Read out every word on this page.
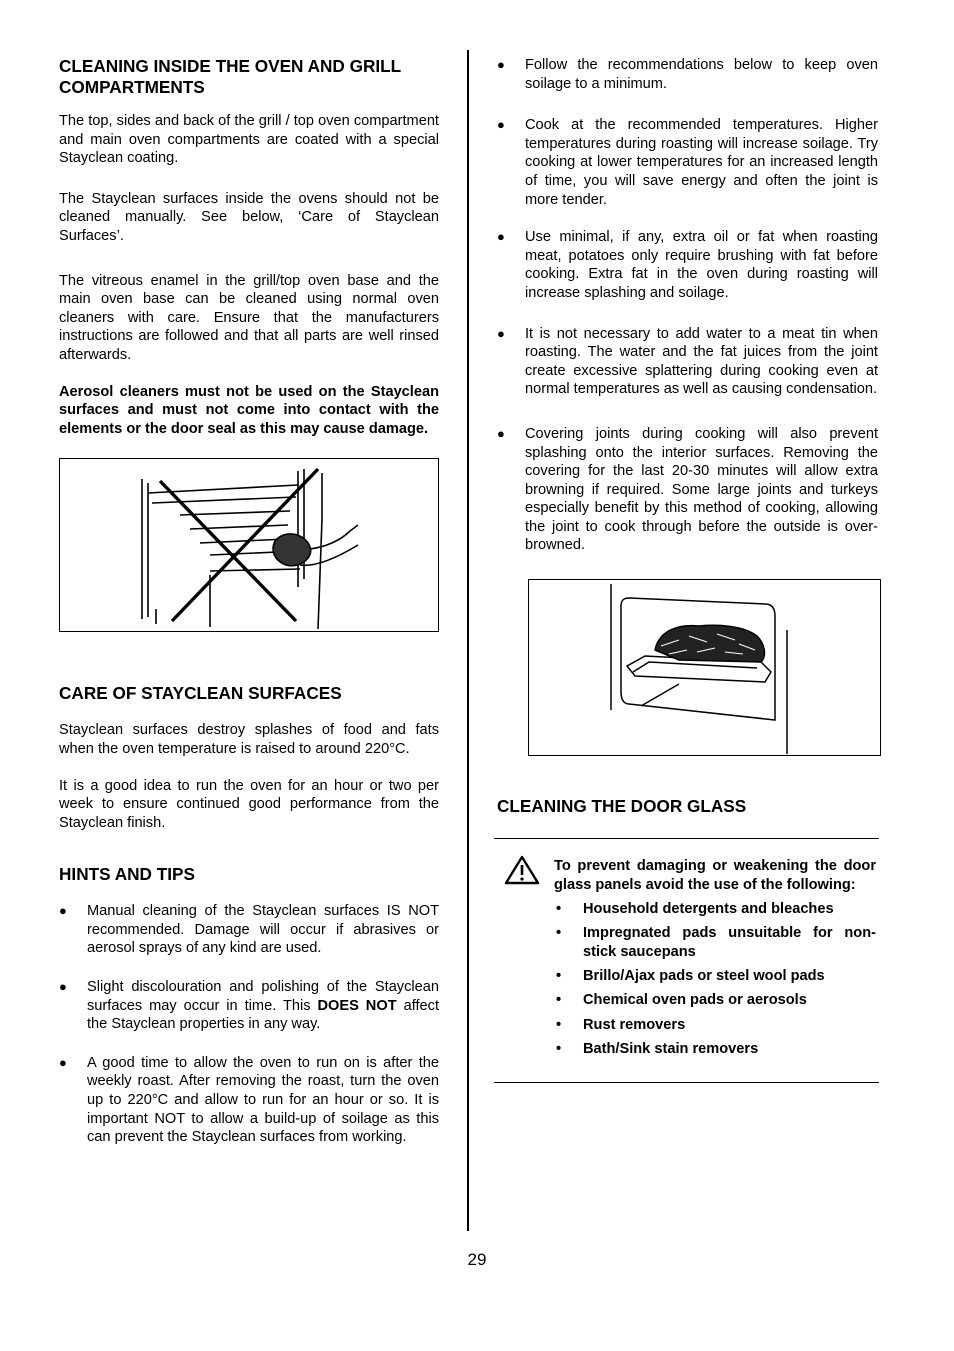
CLEANING INSIDE THE OVEN AND GRILL COMPARTMENTS

The top, sides and back of the grill / top oven compartment and main oven compartments are coated with a special Stayclean coating.

The Stayclean surfaces inside the ovens should not be cleaned manually. See below, ‘Care of Stayclean Surfaces’.

The vitreous enamel in the grill/top oven base and the main oven base can be cleaned using normal oven cleaners with care. Ensure that the manufacturers instructions are followed and that all parts are well rinsed afterwards.

Aerosol cleaners must not be used on the Stayclean surfaces and must not come into contact with the elements or the door seal as this may cause damage.

CARE OF STAYCLEAN SURFACES

Stayclean surfaces destroy splashes of food and fats when the oven temperature is raised to around 220°C.

It is a good idea to run the oven for an hour or two per week to ensure continued good performance from the Stayclean finish.

HINTS AND TIPS
● Manual cleaning of the Stayclean surfaces IS NOT recommended. Damage will occur if abrasives or aerosol sprays of any kind are used.
● Slight discolouration and polishing of the Stayclean surfaces may occur in time. This DOES NOT affect the Stayclean properties in any way.
● A good time to allow the oven to run on is after the weekly roast. After removing the roast, turn the oven up to 220°C and allow to run for an hour or so. It is important NOT to allow a build-up of soilage as this can prevent the Stayclean surfaces from working.
● Follow the recommendations below to keep oven soilage to a minimum.
● Cook at the recommended temperatures. Higher temperatures during roasting will increase soilage. Try cooking at lower temperatures for an increased length of time, you will save energy and often the joint is more tender.
● Use minimal, if any, extra oil or fat when roasting meat, potatoes only require brushing with fat before cooking. Extra fat in the oven during roasting will increase splashing and soilage.
● It is not necessary to add water to a meat tin when roasting. The water and the fat juices from the joint create excessive splattering during cooking even at normal temperatures as well as causing condensation.
● Covering joints during cooking will also prevent splashing onto the interior surfaces. Removing the covering for the last 20-30 minutes will allow extra browning if required. Some large joints and turkeys especially benefit by this method of cooking, allowing the joint to cook through before the outside is over-browned.
CLEANING THE DOOR GLASS
To prevent damaging or weakening the door glass panels avoid the use of the following:
• Household detergents and bleaches
• Impregnated pads unsuitable for non-stick saucepans
• Brillo/Ajax pads or steel wool pads
• Chemical oven pads or aerosols
• Rust removers
• Bath/Sink stain removers
29
